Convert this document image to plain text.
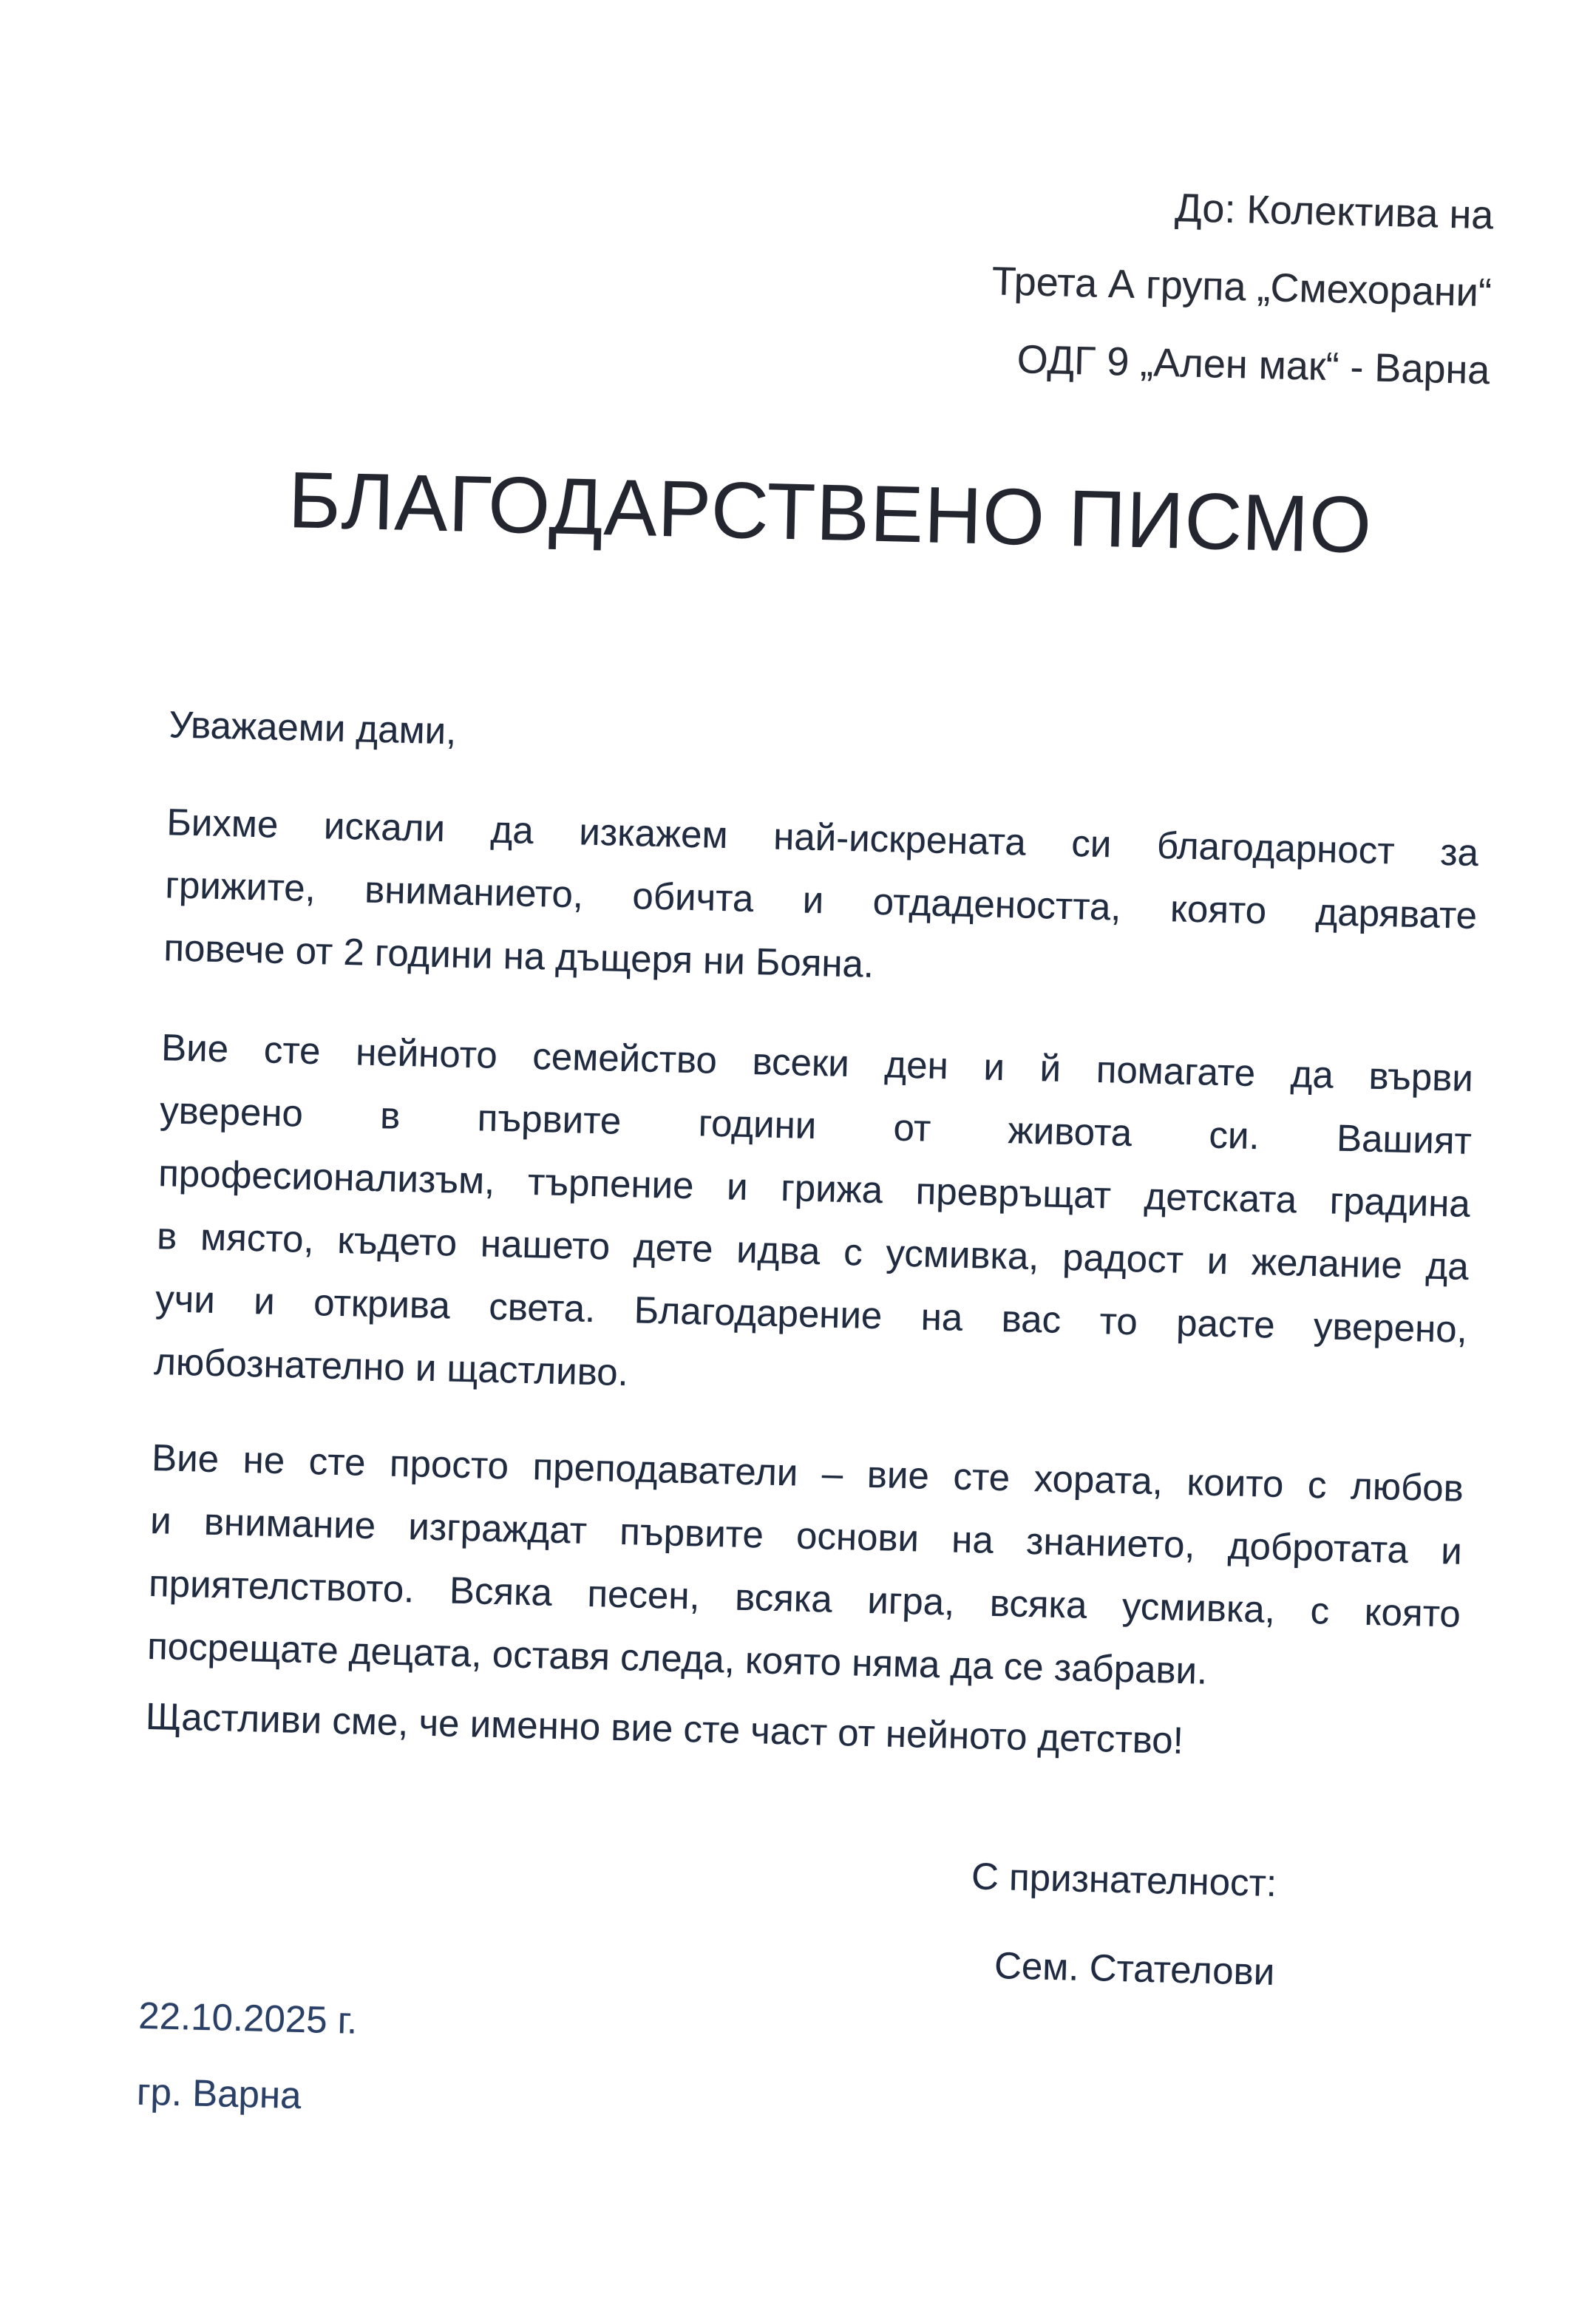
До: Колектива на
Трета А група „Смехорани“
ОДГ 9 „Ален мак“ - Варна
БЛАГОДАРСТВЕНО ПИСМО
Уважаеми дами,
Бихме искали да изкажем най-искрената си благодарност за
грижите, вниманието, обичта и отдадеността, която дарявате
повече от 2 години на дъщеря ни Бояна.
Вие сте нейното семейство всеки ден и й помагате да върви
уверено в първите години от живота си. Вашият
професионализъм, търпение и грижа превръщат детската градина
в място, където нашето дете идва с усмивка, радост и желание да
учи и открива света. Благодарение на вас то расте уверено,
любознателно и щастливо.
Вие не сте просто преподаватели – вие сте хората, които с любов
и внимание изграждат първите основи на знанието, добротата и
приятелството. Всяка песен, всяка игра, всяка усмивка, с която
посрещате децата, оставя следа, която няма да се забрави.
Щастливи сме, че именно вие сте част от нейното детство!
С признателност:
Сем. Стателови
22.10.2025 г.
гр. Варна
